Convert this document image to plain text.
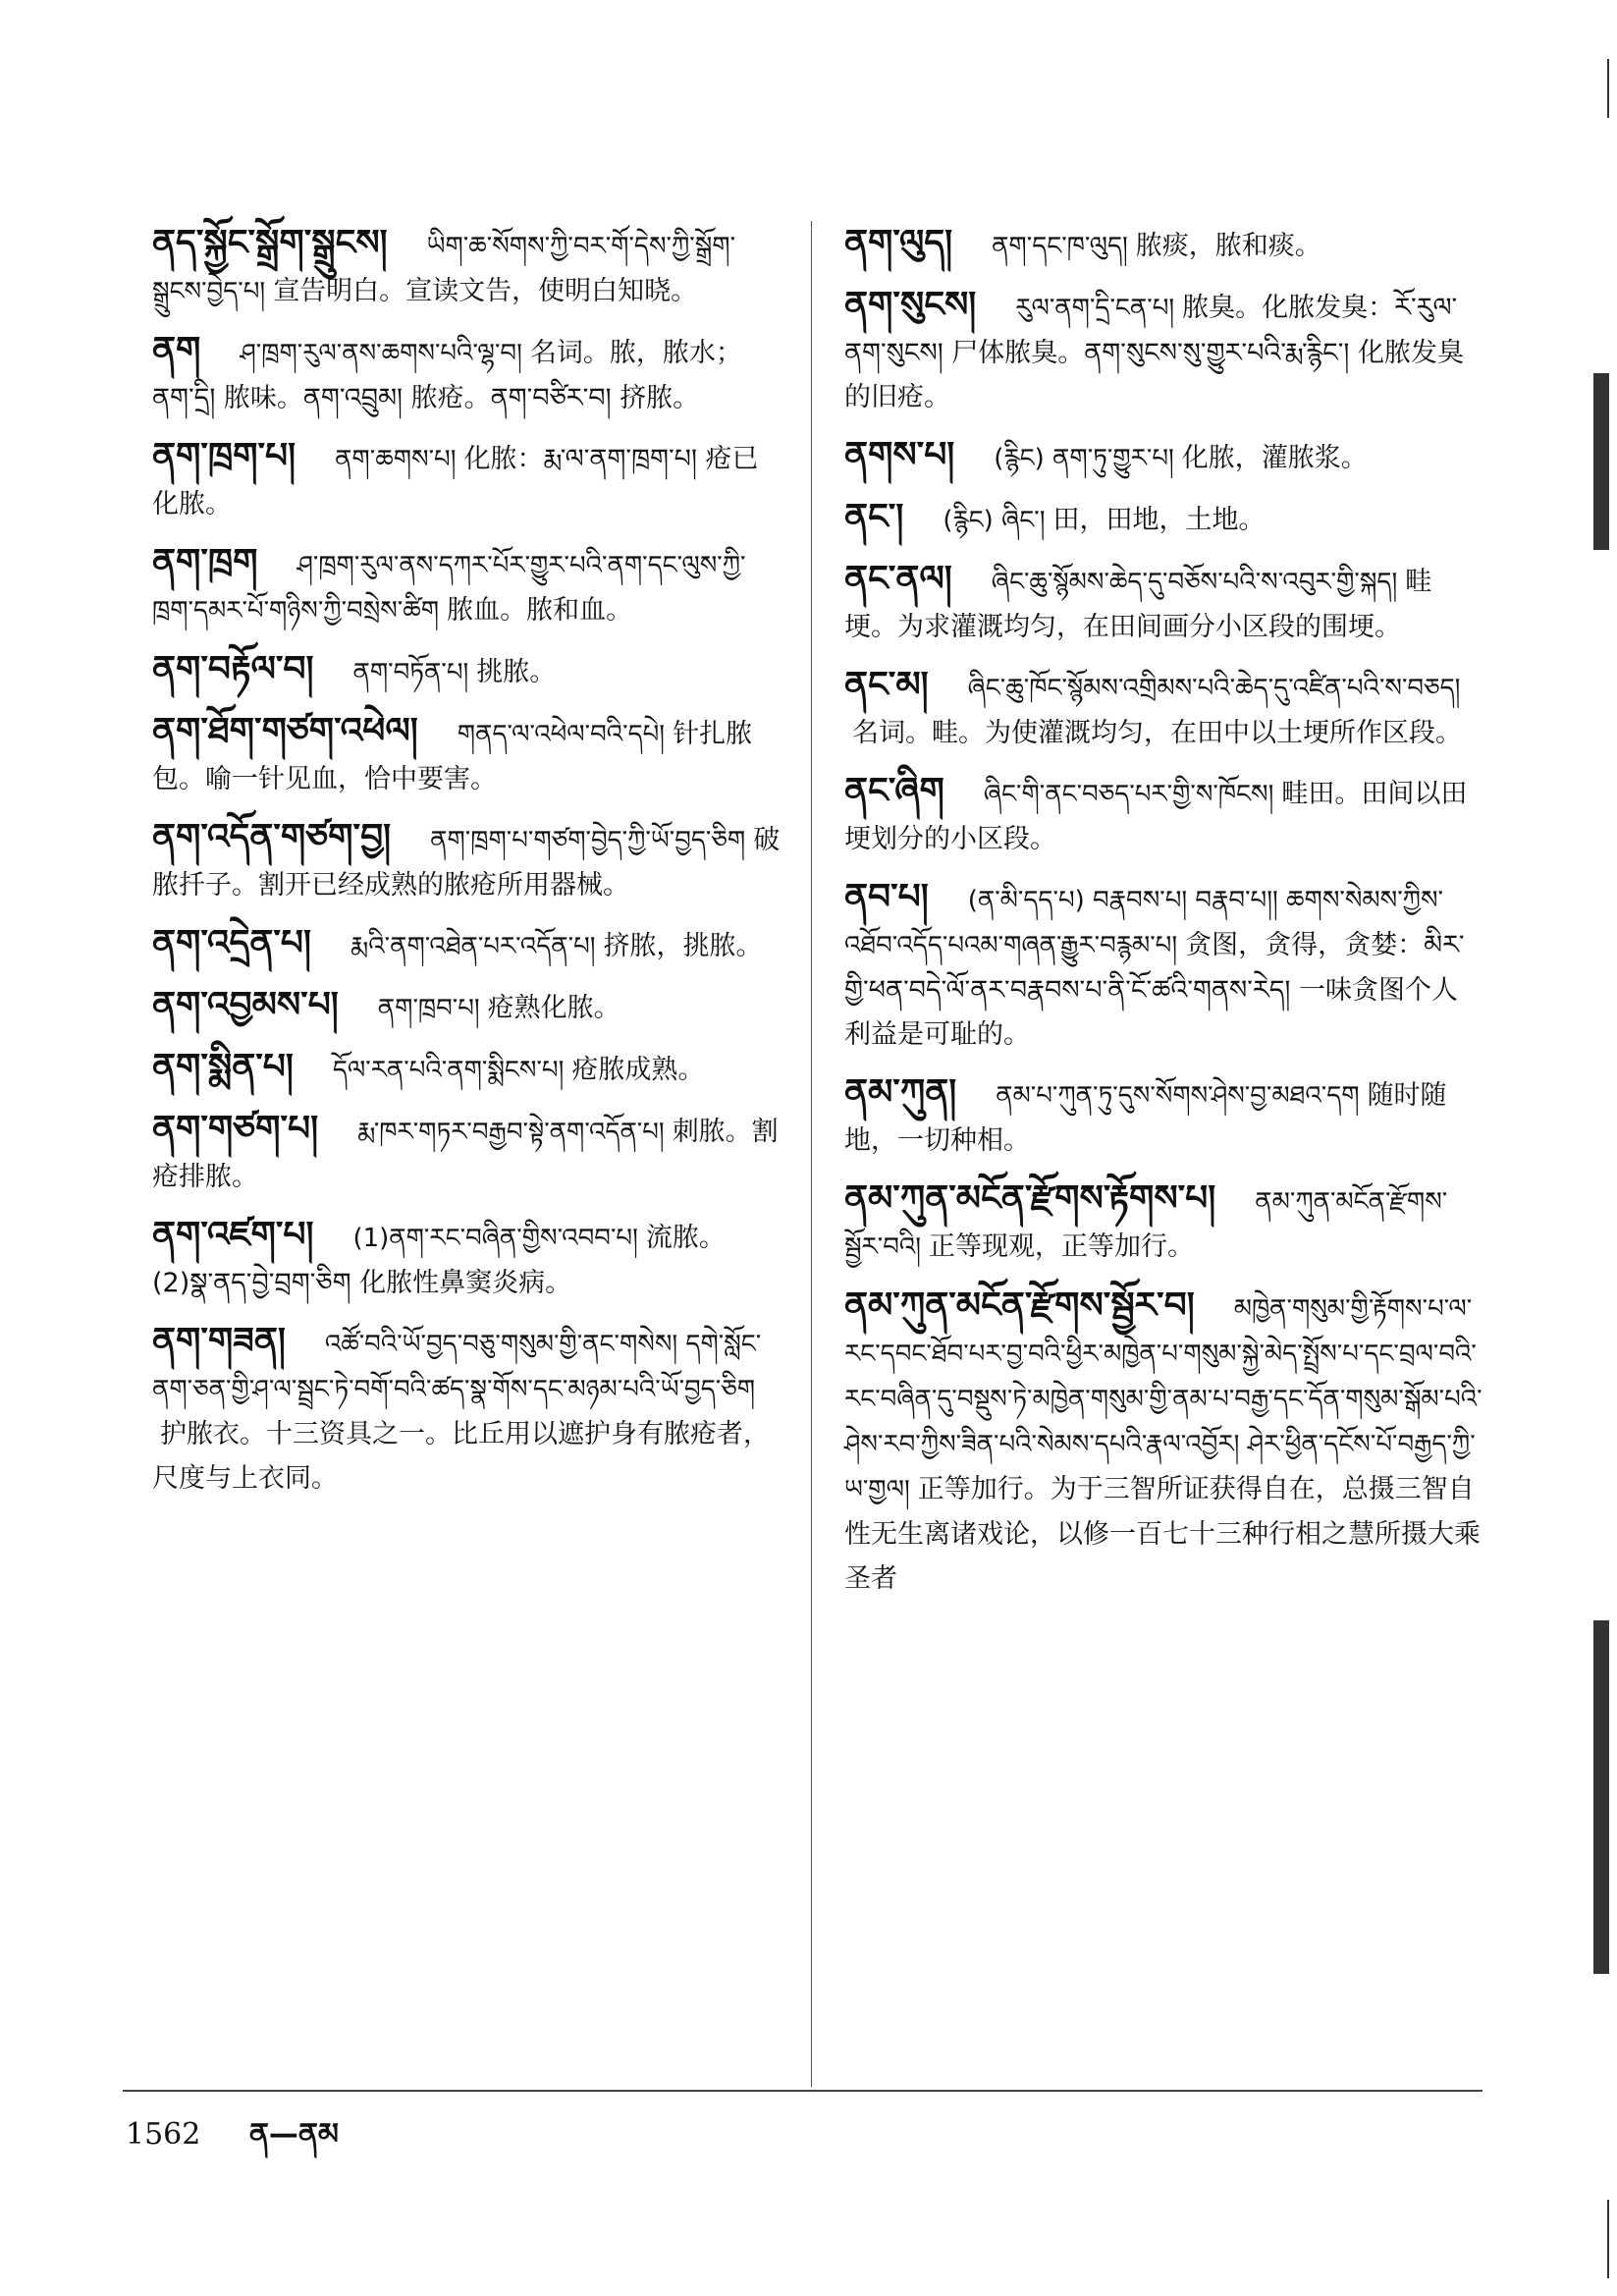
ནད་སྐྱོང་སྒྲོག་སྒྲུངས། ཡིག་ཆ་སོགས་ཀྱི་བར་གོ་དེས་ཀྱི་སྒྲོག་སྒྲུངས་བྱེད་པ། 宣告明白。宣读文告，使明白知晓。
ནག ཤ་ཁྲག་རུལ་ནས་ཆགས་པའི་ལྷ་བ། 名词。脓，脓水；ནག་དྲི། 脓味。ནག་འབྲུམ། 脓疮。ནག་བཙིར་བ། 挤脓。
ནག་ཁྲག་པ། ནག་ཆགས་པ། 化脓：རྨ་ལ་ནག་ཁྲག་པ། 疮已化脓。
ནག་ཁྲག ཤ་ཁྲག་རུལ་ནས་དཀར་པོར་གྱུར་པའི་ནག་དང་ལུས་ཀྱི་ཁྲག་དམར་པོ་གཉིས་ཀྱི་བསྲེས་ཚིག 脓血。脓和血。
ནག་བརྟོལ་བ། ནག་བཏོན་པ། 挑脓。
ནག་ཐོག་གཙག་འཕེལ། གནད་ལ་འཕེལ་བའི་དཔེ། 针扎脓包。喻一针见血，恰中要害。
ནག་འདོན་གཙག་བྱ། ནག་ཁྲག་པ་གཙག་བྱེད་ཀྱི་ཡོ་བྱད་ཅིག 破脓扦子。割开已经成熟的脓疮所用器械。
ནག་འདྲེན་པ། རྨའི་ནག་འཐེན་པར་འདོན་པ། 挤脓，挑脓。
ནག་འབྱམས་པ། ནག་ཁྲབ་པ། 疮熟化脓。
ནག་སྨིན་པ། དོལ་རན་པའི་ནག་སྨིངས་པ། 疮脓成熟。
ནག་གཙག་པ། རྨ་ཁར་གཏར་བརྒྱབ་སྟེ་ནག་འདོན་པ། 刺脓。割疮排脓。
ནག་འཛག་པ། (1)ནག་རང་བཞིན་གྱིས་འབབ་པ། 流脓。(2)སྣ་ནད་བྱེ་བྲག་ཅིག 化脓性鼻窦炎病。
ནག་གཟན། འཚོ་བའི་ཡོ་བྱད་བཅུ་གསུམ་གྱི་ནང་གསེས། དགེ་སློང་ནག་ཅན་གྱི་ཤ་ལ་སྦྲང་ཏེ་བགོ་བའི་ཚད་སྣ་གོས་དང་མཉམ་པའི་ཡོ་བྱད་ཅིག护脓衣。十三资具之一。比丘用以遮护身有脓疮者，尺度与上衣同。
ནག་ལུད། ནག་དང་ཁ་ལུད། 脓痰，脓和痰。
ནག་སུངས། རུལ་ནག་དྲི་ངན་པ། 脓臭。化脓发臭：རོ་རུལ་ནག་སུངས། 尸体脓臭。ནག་སུངས་སུ་གྱུར་པའི་རྨ་རྙིང་། 化脓发臭的旧疮。
ནགས་པ། (རྙིང) ནག་ཏུ་གྱུར་པ། 化脓，灌脓浆。
ནང་། (རྙིང) ཞིང་། 田，田地，土地。
ནང་ནལ། ཞིང་ཆུ་སྙོམས་ཆེད་དུ་བཅོས་པའི་ས་འབུར་གྱི་སྐད། 畦埂。为求灌溉均匀，在田间画分小区段的围埂。
ནང་མ། ཞིང་ཆུ་ཁོང་སྙོམས་འགྲིམས་པའི་ཆེད་དུ་འཛིན་པའི་ས་བཅད།名词。畦。为使灌溉均匀，在田中以土埂所作区段。
ནང་ཞིག ཞིང་གི་ནང་བཅད་པར་གྱི་ས་ཁོངས། 畦田。田间以田埂划分的小区段。
ནབ་པ། (ན་མི་དད་པ) བརྣབས་པ། བརྣབ་པ།། ཆགས་སེམས་ཀྱིས་འཐོབ་འདོད་པའམ་གཞན་རྒྱུར་བརྙམ་པ། 贪图，贪得，贪婪：མིར་གྱི་ཕན་བདེ་ལོ་ནར་བརྣབས་པ་ནི་ངོ་ཚའི་གནས་རེད། 一味贪图个人利益是可耻的。
ནམ་ཀུན། ནམ་པ་ཀུན་ཏུ་དུས་སོགས་ཤེས་བྱ་མཐའ་དག 随时随地，一切种相。
ནམ་ཀུན་མངོན་རྫོགས་རྟོགས་པ། ནམ་ཀུན་མངོན་རྫོགས་སྦྱོར་བའི། 正等现观，正等加行。
ནམ་ཀུན་མངོན་རྫོགས་སྦྱོར་བ། མཁྱེན་གསུམ་གྱི་རྟོགས་པ་ལ་རང་དབང་ཐོབ་པར་བྱ་བའི་ཕྱིར་མཁྱེན་པ་གསུམ་སྐྱེ་མེད་སྤྲོས་པ་དང་བྲལ་བའི་རང་བཞིན་དུ་བསྡུས་ཏེ་མཁྱེན་གསུམ་གྱི་ནམ་པ་བརྒྱ་དང་དོན་གསུམ་སྒོམ་པའི་ཤེས་རབ་ཀྱིས་ཟིན་པའི་སེམས་དཔའི་རྣལ་འབྱོར། ཤེར་ཕྱིན་དངོས་པོ་བརྒྱད་ཀྱི་ཡ་གྱལ། 正等加行。为于三智所证获得自在，总摄三智自性无生离诸戏论，以修一百七十三种行相之慧所摄大乘圣者
1562 ན—ནམ
